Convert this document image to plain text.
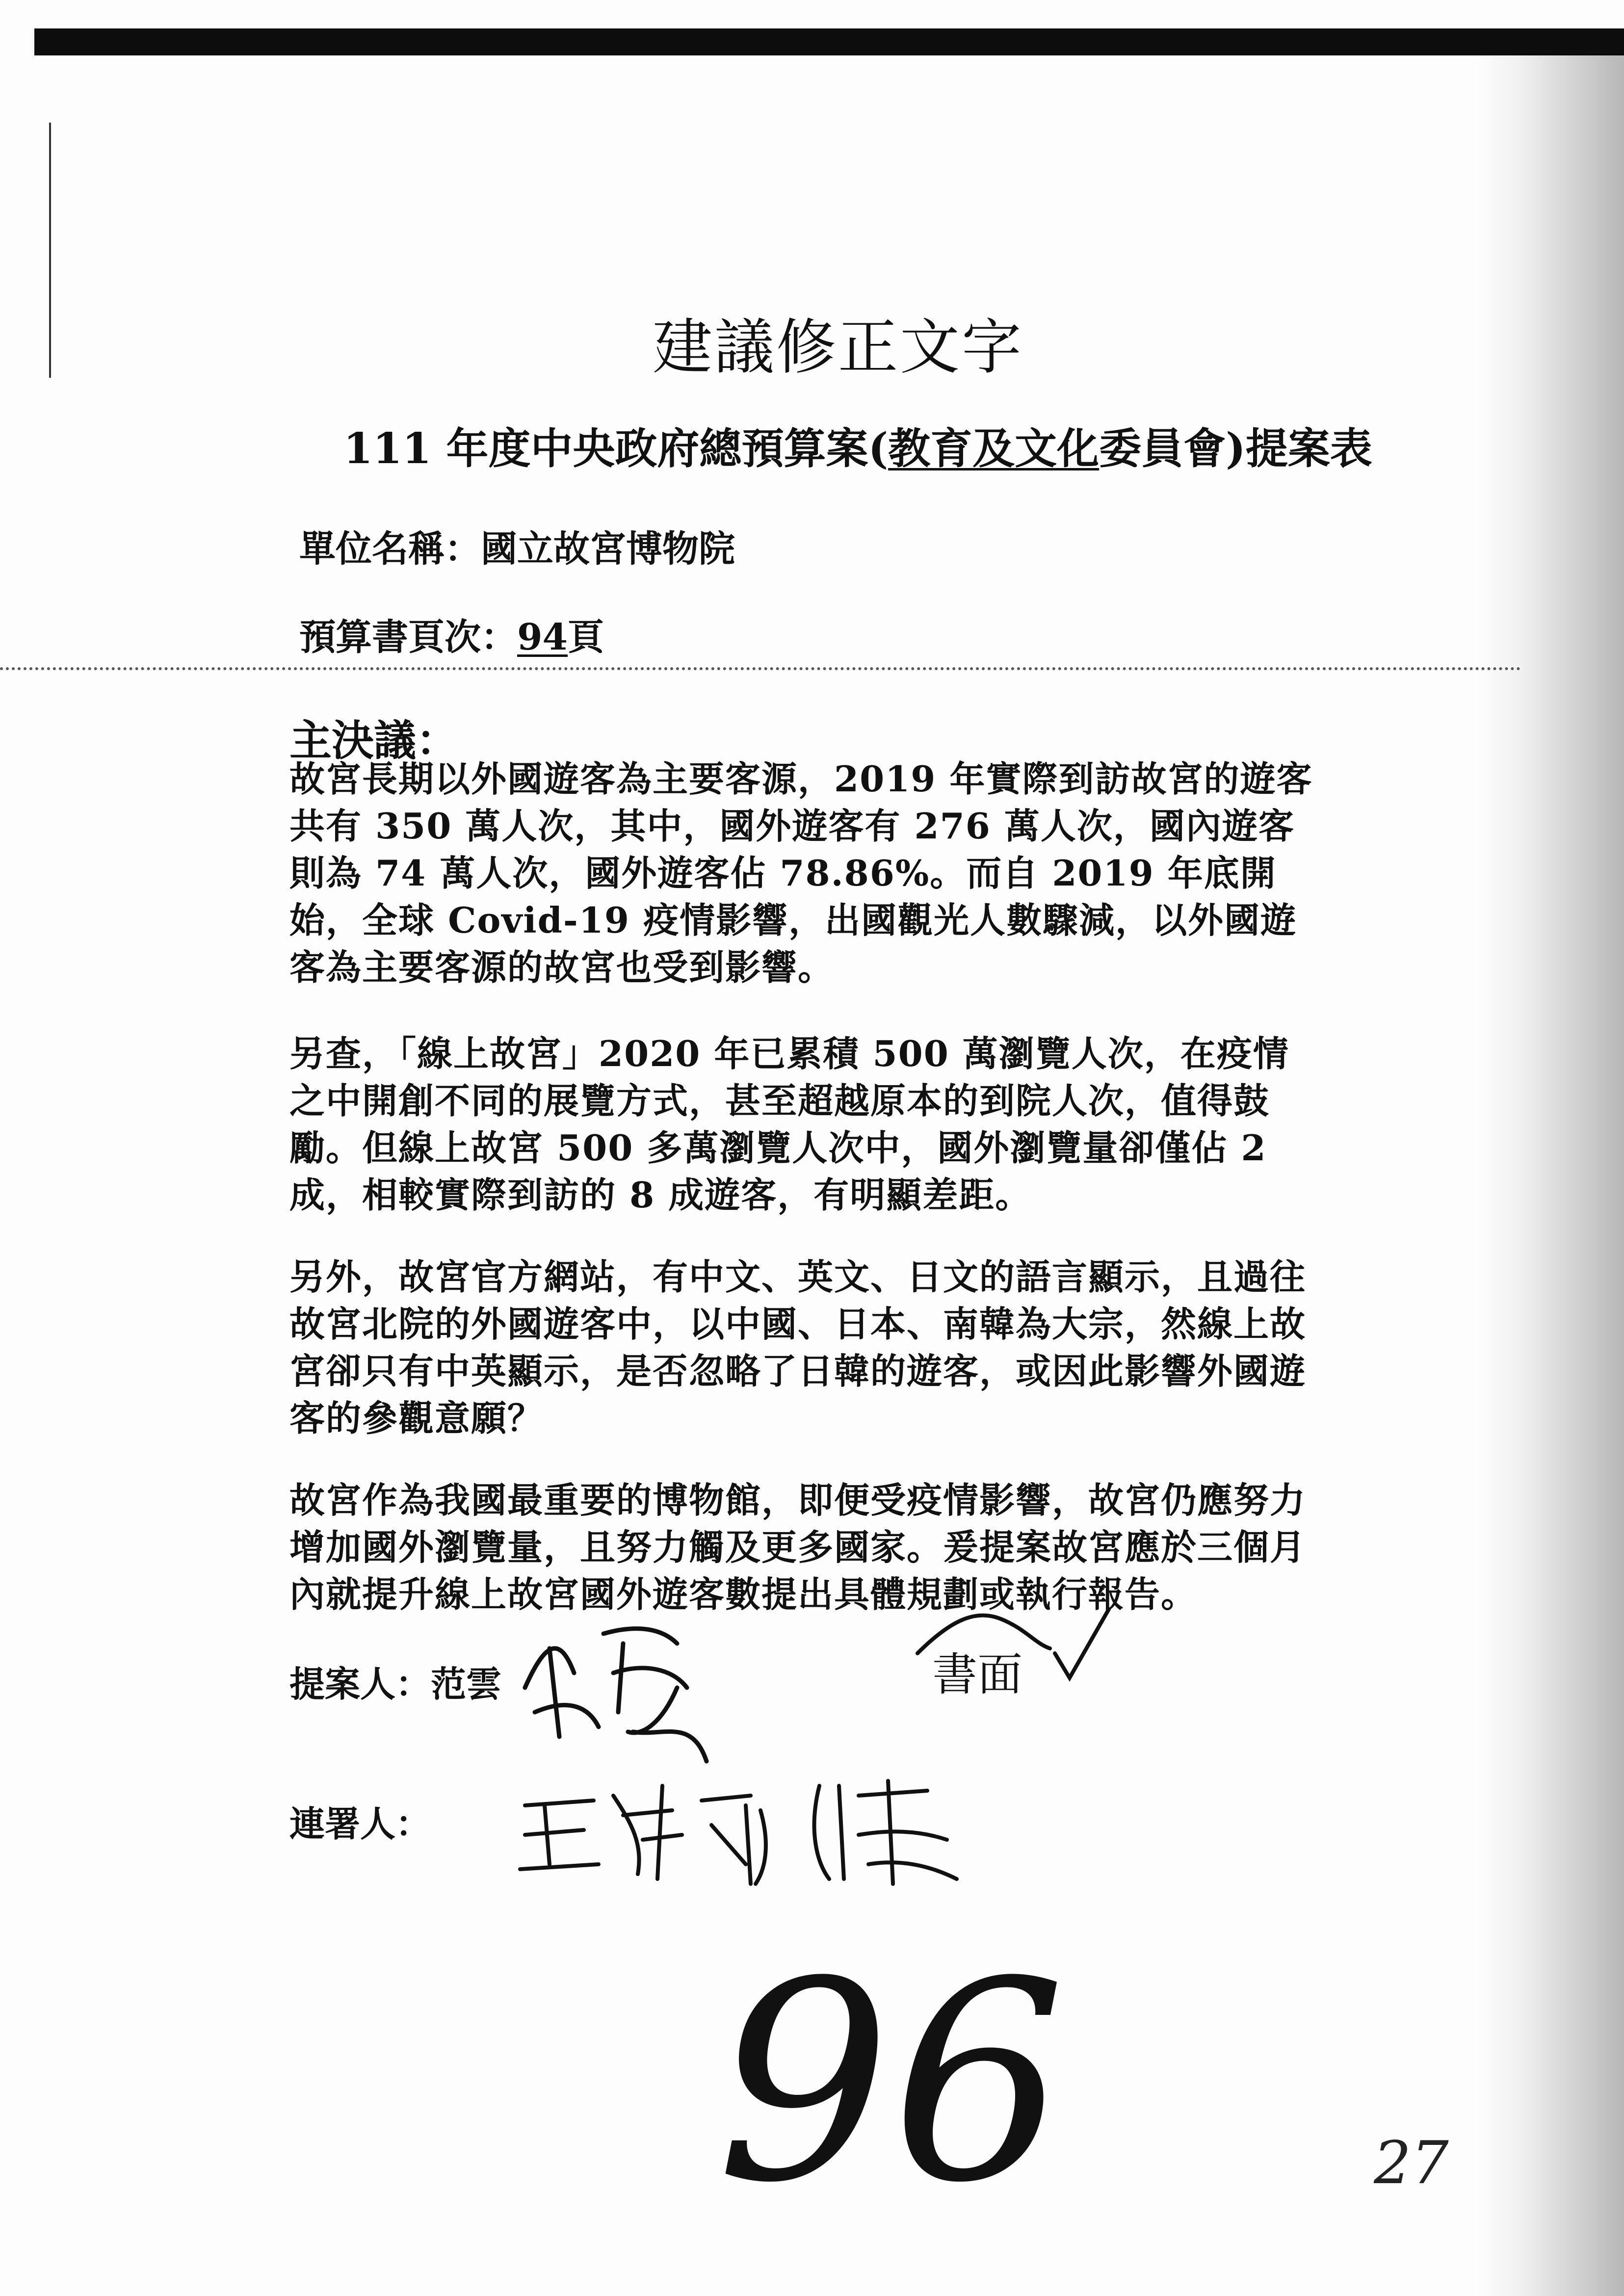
建議修正文字
111 年度中央政府總預算案(教育及文化委員會)提案表
單位名稱：國立故宮博物院
預算書頁次：94頁
主決議：
故宮長期以外國遊客為主要客源，2019 年實際到訪故宮的遊客共有 350 萬人次，其中，國外遊客有 276 萬人次，國內遊客則為 74 萬人次，國外遊客佔 78.86%。而自 2019 年底開始，全球 Covid-19 疫情影響，出國觀光人數驟減，以外國遊客為主要客源的故宮也受到影響。
另查，「線上故宮」2020 年已累積 500 萬瀏覽人次，在疫情之中開創不同的展覽方式，甚至超越原本的到院人次，值得鼓勵。但線上故宮 500 多萬瀏覽人次中，國外瀏覽量卻僅佔 2 成，相較實際到訪的 8 成遊客，有明顯差距。
另外，故宮官方網站，有中文、英文、日文的語言顯示，且過往故宮北院的外國遊客中，以中國、日本、南韓為大宗，然線上故宮卻只有中英顯示，是否忽略了日韓的遊客，或因此影響外國遊客的參觀意願？
故宮作為我國最重要的博物館，即便受疫情影響，故宮仍應努力增加國外瀏覽量，且努力觸及更多國家。爰提案故宮應於三個月內就提升線上故宮國外遊客數提出具體規劃或執行報告。
提案人：范雲	書面
連署人：
96	27
